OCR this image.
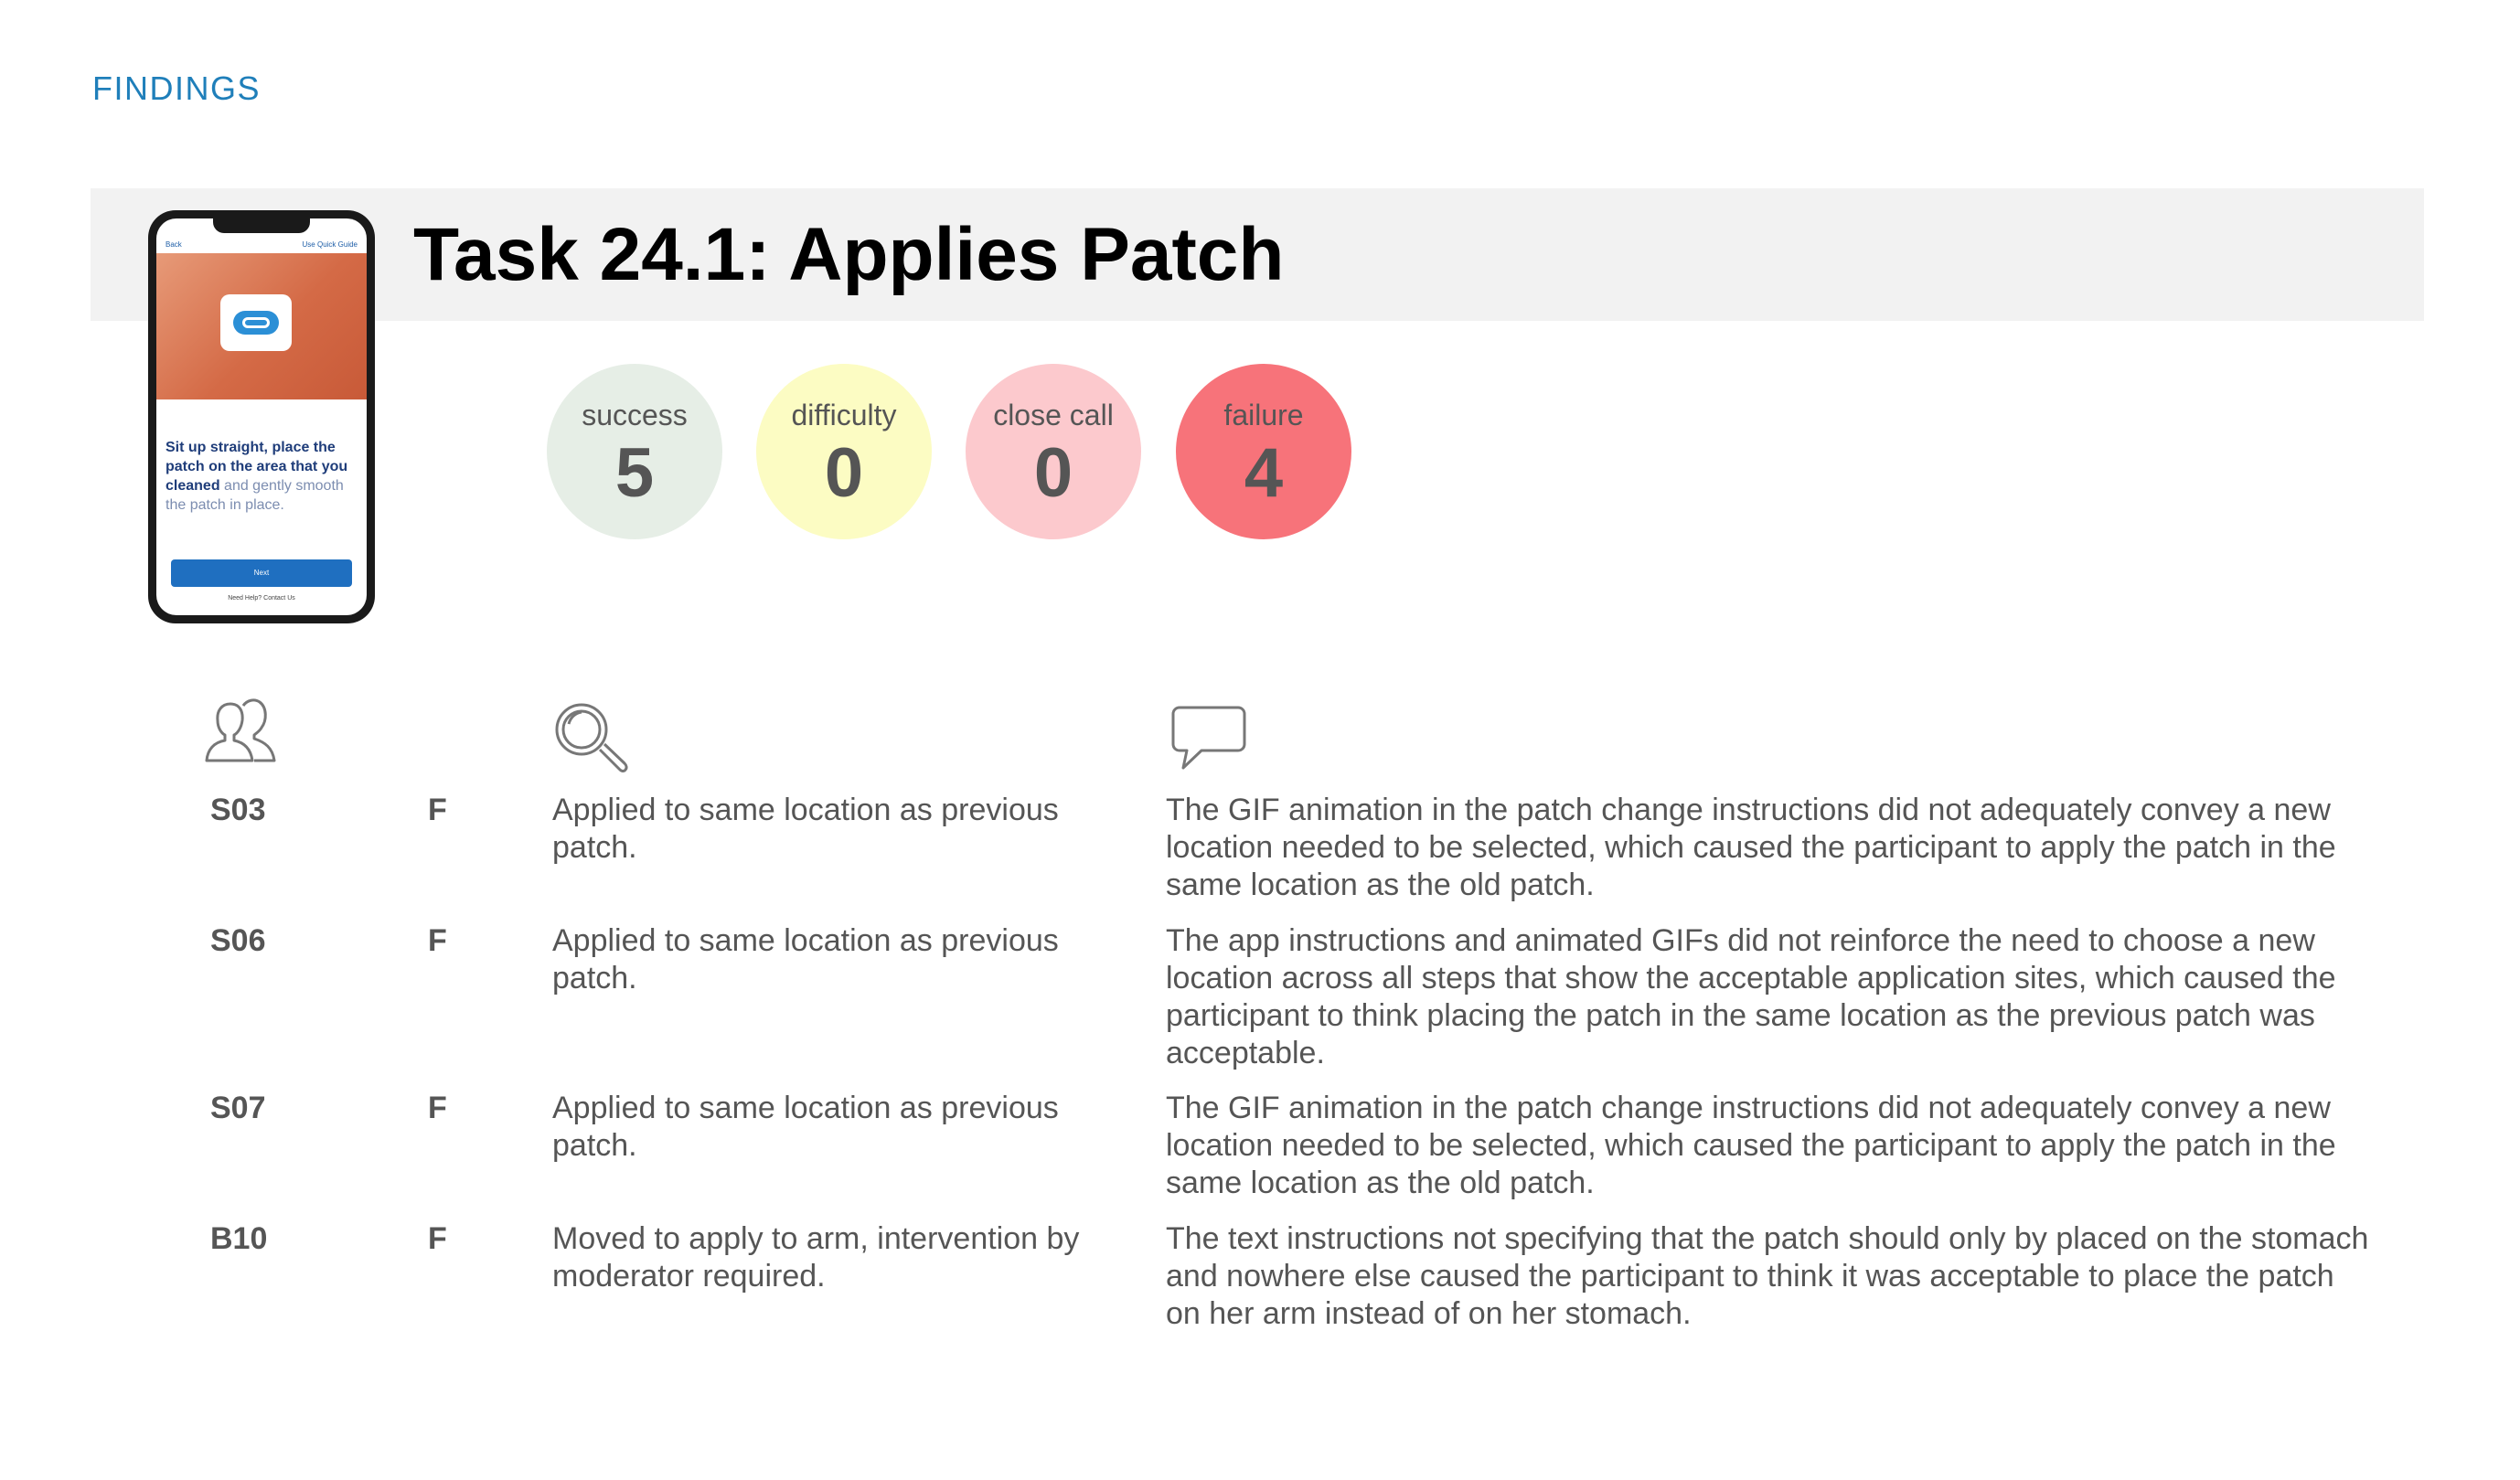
FINDINGS
Task 24.1: Applies Patch
Back	Use Quick Guide
Sit up straight, place the patch on the area that you cleaned and gently smooth the patch in place.
Next
Need Help? Contact Us
success
5
difficulty
0
close call
0
failure
4
S03	F	Applied to same location as previous patch.
The GIF animation in the patch change instructions did not adequately convey a new location needed to be selected, which caused the participant to apply the patch in the same location as the old patch.
S06	F	Applied to same location as previous patch.
The app instructions and animated GIFs did not reinforce the need to choose a new location across all steps that show the acceptable application sites, which caused the participant to think placing the patch in the same location as the previous patch was acceptable.
S07	F	Applied to same location as previous patch.
The GIF animation in the patch change instructions did not adequately convey a new location needed to be selected, which caused the participant to apply the patch in the same location as the old patch.
B10	F	Moved to apply to arm, intervention by moderator required.
The text instructions not specifying that the patch should only by placed on the stomach and nowhere else caused the participant to think it was acceptable to place the patch on her arm instead of on her stomach.
